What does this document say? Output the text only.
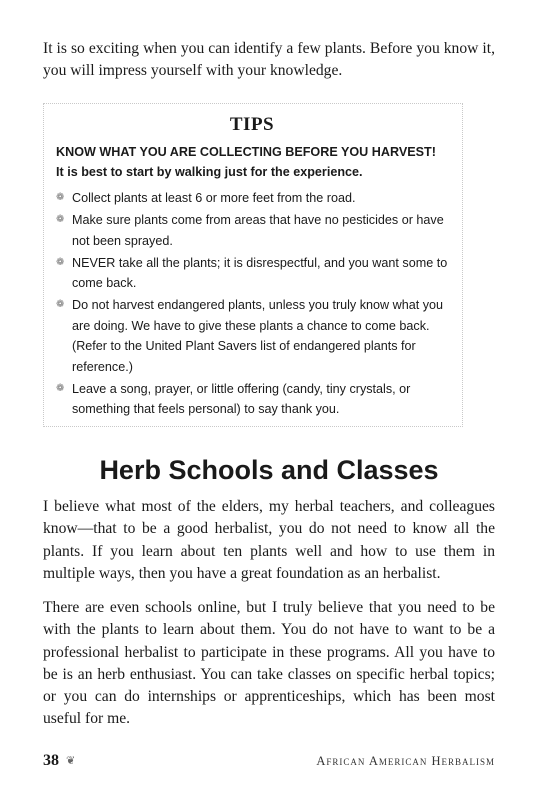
It is so exciting when you can identify a few plants. Before you know it, you will impress yourself with your knowledge.

TIPS

KNOW WHAT YOU ARE COLLECTING BEFORE YOU HARVEST!

It is best to start by walking just for the experience.

❁ Collect plants at least 6 or more feet from the road.
❁ Make sure plants come from areas that have no pesticides or have not been sprayed.
❁ NEVER take all the plants; it is disrespectful, and you want some to come back.
❁ Do not harvest endangered plants, unless you truly know what you are doing. We have to give these plants a chance to come back. (Refer to the United Plant Savers list of endangered plants for reference.)
❁ Leave a song, prayer, or little offering (candy, tiny crystals, or something that feels personal) to say thank you.
Herb Schools and Classes

I believe what most of the elders, my herbal teachers, and colleagues know—that to be a good herbalist, you do not need to know all the plants. If you learn about ten plants well and how to use them in multiple ways, then you have a great foundation as an herbalist.

There are even schools online, but I truly believe that you need to be with the plants to learn about them. You do not have to want to be a professional herbalist to participate in these programs. All you have to be is an herb enthusiast. You can take classes on specific herbal topics; or you can do internships or apprenticeships, which has been most useful for me.

38 ❦	African American Herbalism
